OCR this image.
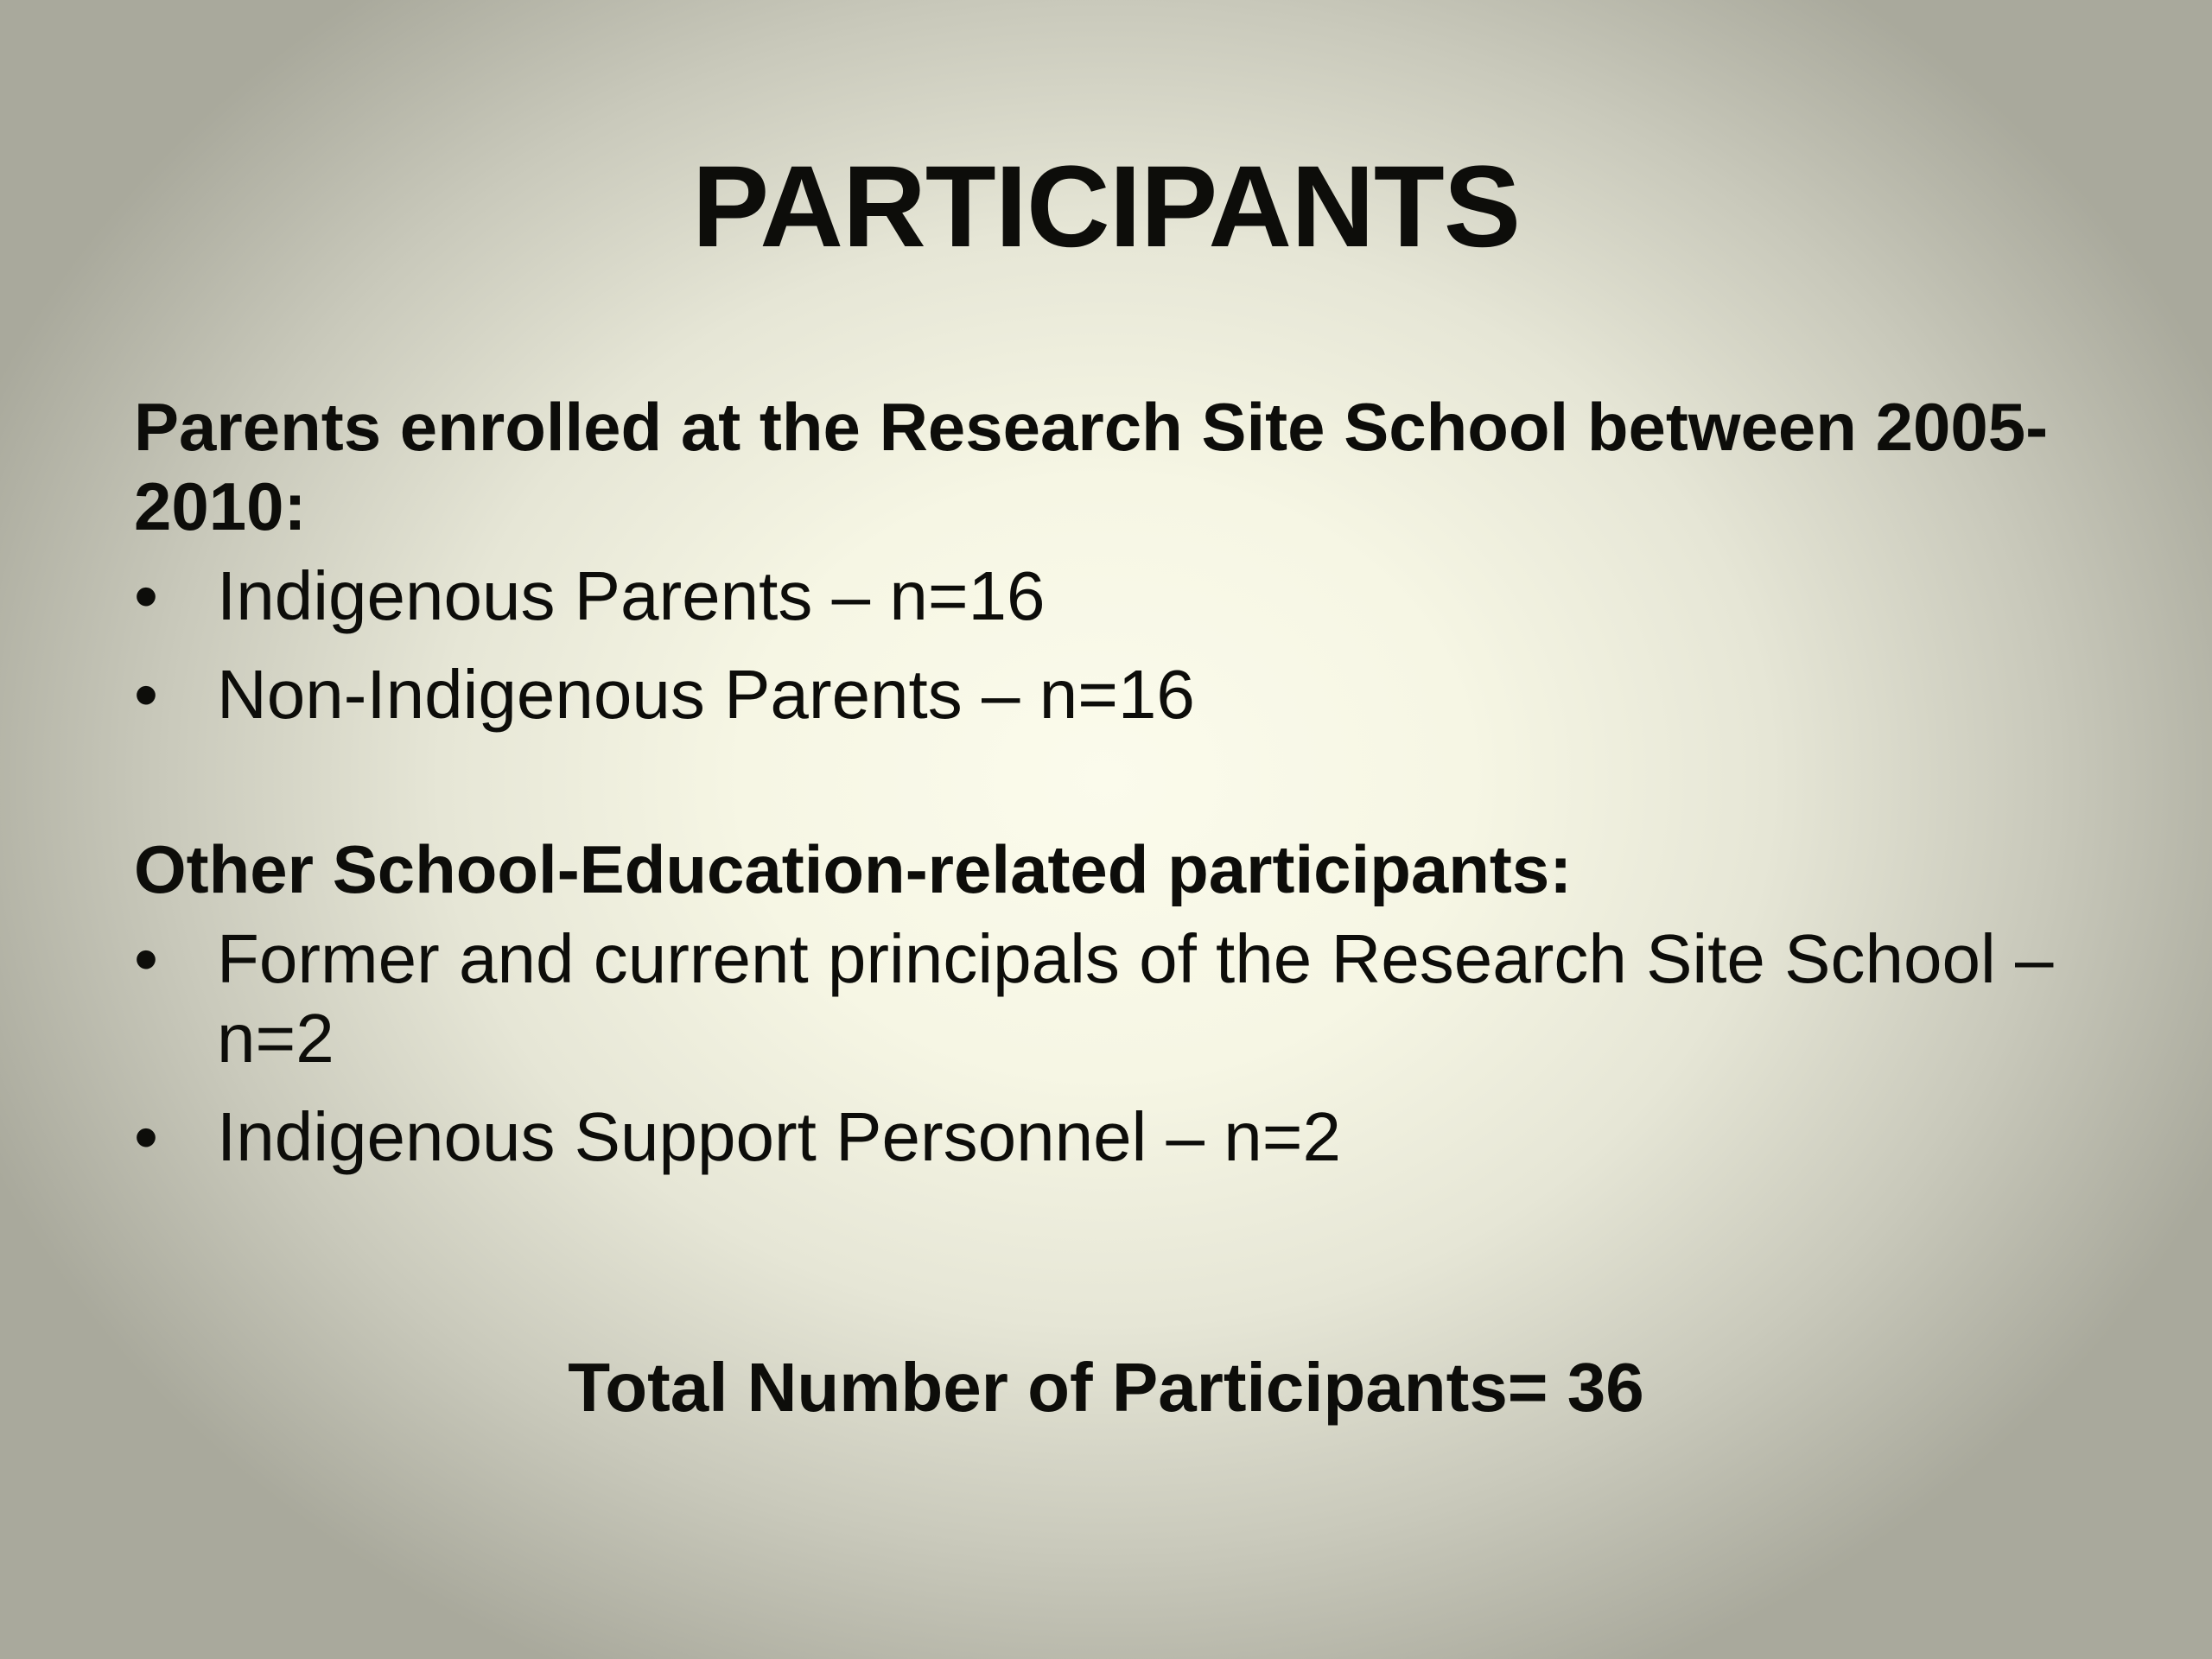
PARTICIPANTS

Parents enrolled at the Research Site School between 2005-2010:

• Indigenous Parents – n=16
• Non-Indigenous Parents – n=16

Other School-Education-related participants:

• Former and current principals of the Research Site School – n=2
• Indigenous Support Personnel – n=2
Total Number of Participants= 36
